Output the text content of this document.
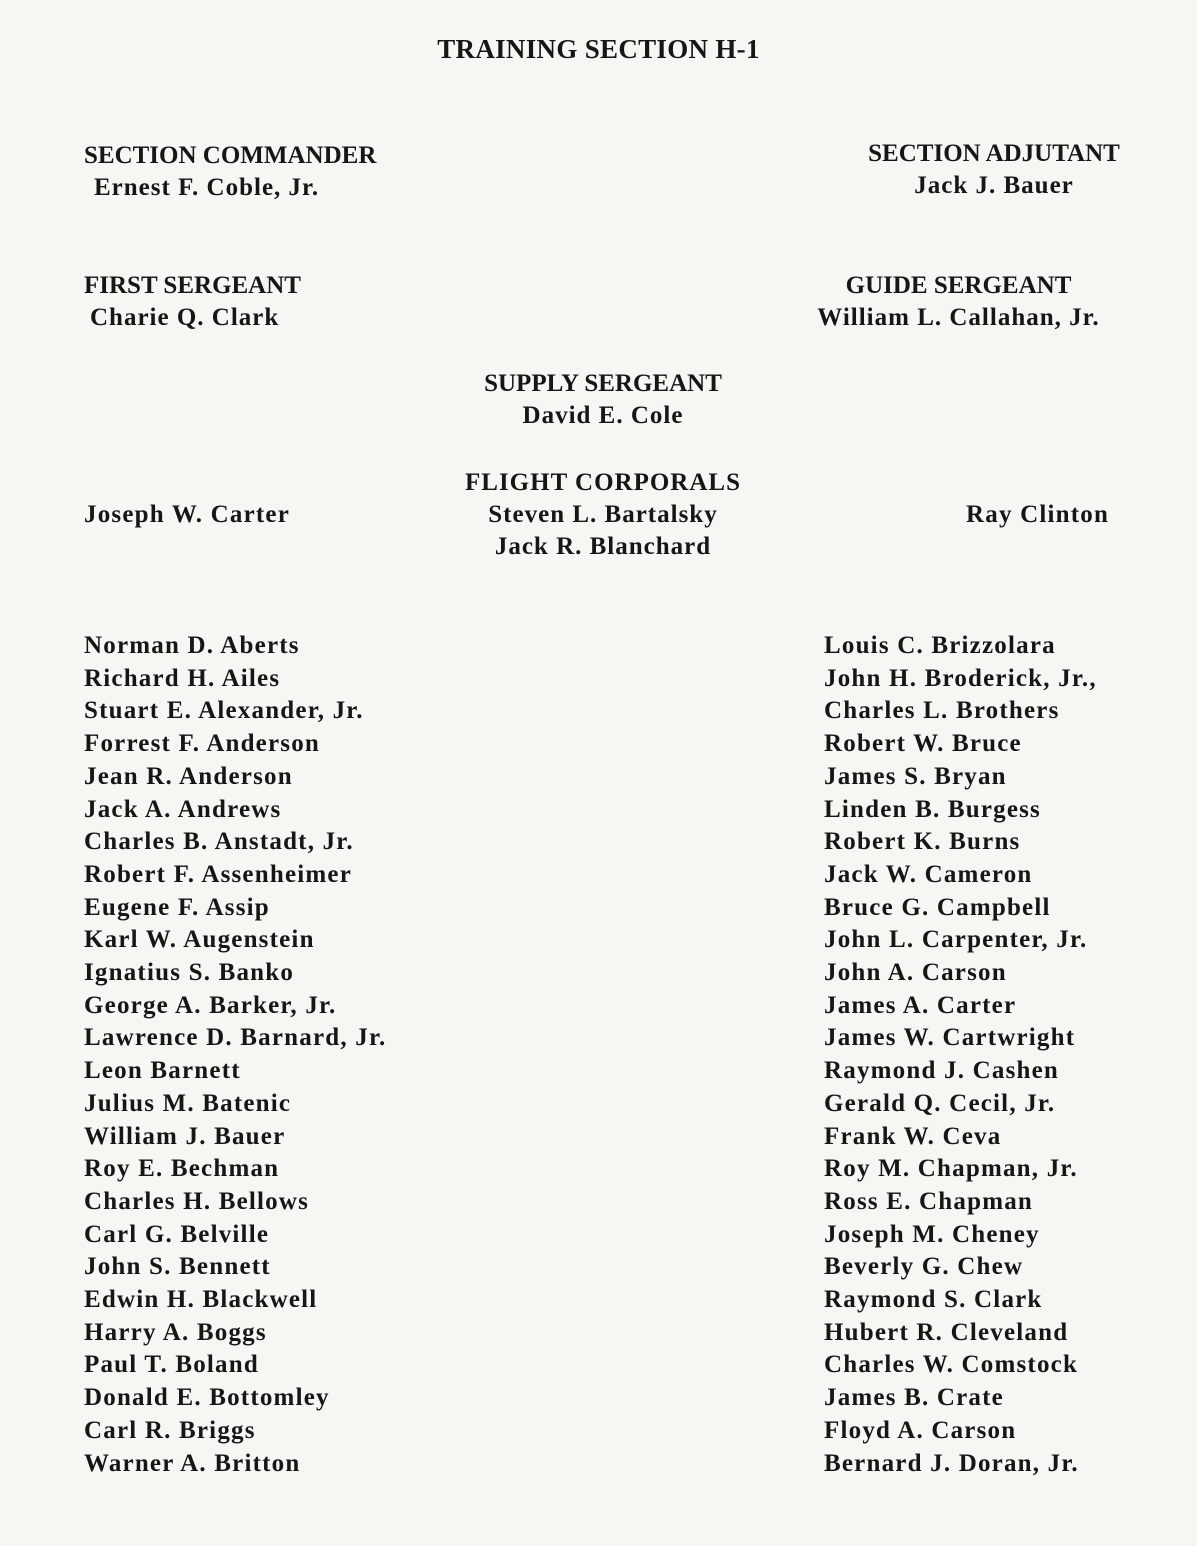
TRAINING SECTION H-1
SECTION COMMANDER
Ernest F. Coble, Jr.
SECTION ADJUTANT
Jack J. Bauer
FIRST SERGEANT
Charie Q. Clark
GUIDE SERGEANT
William L. Callahan, Jr.
SUPPLY SERGEANT
David E. Cole
FLIGHT CORPORALS
Steven L. Bartalsky
Jack R. Blanchard
Joseph W. Carter	Ray Clinton
Norman D. Aberts
Richard H. Ailes
Stuart E. Alexander, Jr.
Forrest F. Anderson
Jean R. Anderson
Jack A. Andrews
Charles B. Anstadt, Jr.
Robert F. Assenheimer
Eugene F. Assip
Karl W. Augenstein
Ignatius S. Banko
George A. Barker, Jr.
Lawrence D. Barnard, Jr.
Leon Barnett
Julius M. Batenic
William J. Bauer
Roy E. Bechman
Charles H. Bellows
Carl G. Belville
John S. Bennett
Edwin H. Blackwell
Harry A. Boggs
Paul T. Boland
Donald E. Bottomley
Carl R. Briggs
Warner A. Britton
Louis C. Brizzolara
John H. Broderick, Jr.,
Charles L. Brothers
Robert W. Bruce
James S. Bryan
Linden B. Burgess
Robert K. Burns
Jack W. Cameron
Bruce G. Campbell
John L. Carpenter, Jr.
John A. Carson
James A. Carter
James W. Cartwright
Raymond J. Cashen
Gerald Q. Cecil, Jr.
Frank W. Ceva
Roy M. Chapman, Jr.
Ross E. Chapman
Joseph M. Cheney
Beverly G. Chew
Raymond S. Clark
Hubert R. Cleveland
Charles W. Comstock
James B. Crate
Floyd A. Carson
Bernard J. Doran, Jr.
